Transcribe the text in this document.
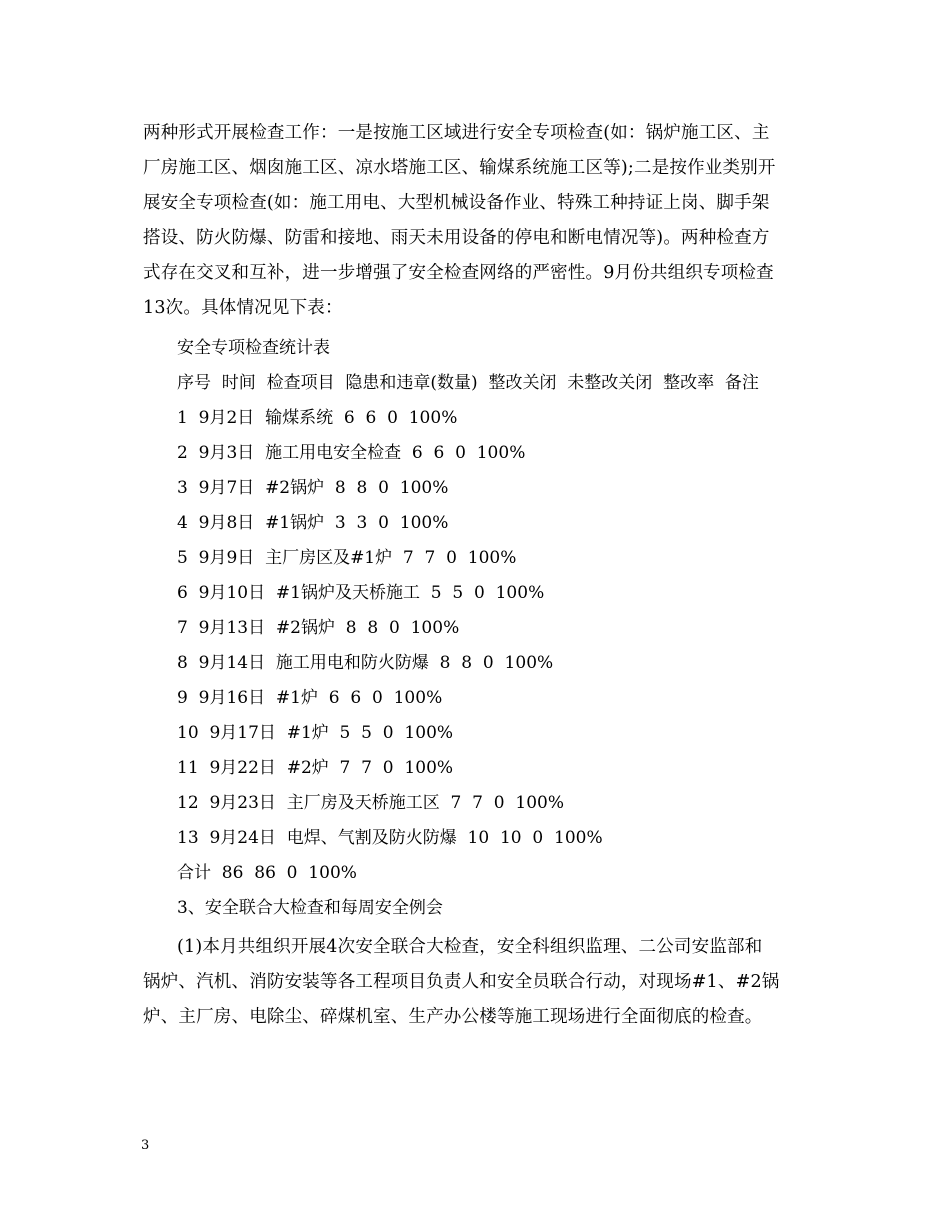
两种形式开展检查工作：一是按施工区域进行安全专项检查(如：锅炉施工区、主
厂房施工区、烟囱施工区、凉水塔施工区、输煤系统施工区等);二是按作业类别开
展安全专项检查(如：施工用电、大型机械设备作业、特殊工种持证上岗、脚手架
搭设、防火防爆、防雷和接地、雨天未用设备的停电和断电情况等)。两种检查方
式存在交叉和互补，进一步增强了安全检查网络的严密性。9月份共组织专项检查
13次。具体情况见下表：
安全专项检查统计表
序号  时间  检查项目  隐患和违章(数量)  整改关闭  未整改关闭  整改率  备注
1  9月2日  输煤系统  6  6  0  100%
2  9月3日  施工用电安全检查  6  6  0  100%
3  9月7日  #2锅炉  8  8  0  100%
4  9月8日  #1锅炉  3  3  0  100%
5  9月9日  主厂房区及#1炉  7  7  0  100%
6  9月10日  #1锅炉及天桥施工  5  5  0  100%
7  9月13日  #2锅炉  8  8  0  100%
8  9月14日  施工用电和防火防爆  8  8  0  100%
9  9月16日  #1炉  6  6  0  100%
10  9月17日  #1炉  5  5  0  100%
11  9月22日  #2炉  7  7  0  100%
12  9月23日  主厂房及天桥施工区  7  7  0  100%
13  9月24日  电焊、气割及防火防爆  10  10  0  100%
合计  86  86  0  100%
3、安全联合大检查和每周安全例会
(1)本月共组织开展4次安全联合大检查，安全科组织监理、二公司安监部和
锅炉、汽机、消防安装等各工程项目负责人和安全员联合行动，对现场#1、#2锅
炉、主厂房、电除尘、碎煤机室、生产办公楼等施工现场进行全面彻底的检查。
3
